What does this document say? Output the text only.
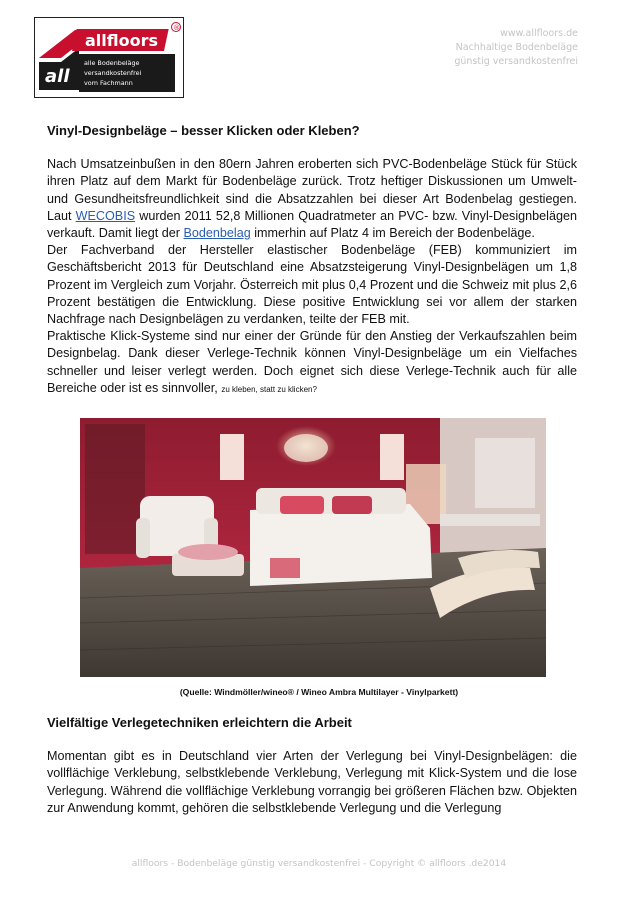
all
allfloors
®
alle Bodenbeläge
versandkostenfrei
vom Fachmann
www.allfloors.de
Nachhaltige Bodenbeläge
günstig versandkostenfrei
Vinyl-Designbeläge – besser Klicken oder Kleben?

Nach Umsatzeinbußen in den 80ern Jahren eroberten sich PVC-Bodenbeläge Stück für Stück ihren Platz auf dem Markt für Bodenbeläge zurück. Trotz heftiger Diskussionen um Umwelt- und Gesundheitsfreundlichkeit sind die Absatzzahlen bei dieser Art Bodenbelag gestiegen. Laut WECOBIS wurden 2011 52,8 Millionen Quadratmeter an PVC- bzw. Vinyl-Designbelägen verkauft. Damit liegt der Bodenbelag immerhin auf Platz 4 im Bereich der Bodenbeläge.

Der Fachverband der Hersteller elastischer Bodenbeläge (FEB) kommuniziert im Geschäftsbericht 2013 für Deutschland eine Absatzsteigerung Vinyl-Designbelägen um 1,8 Prozent im Vergleich zum Vorjahr. Österreich mit plus 0,4 Prozent und die Schweiz mit plus 2,6 Prozent bestätigen die Entwicklung. Diese positive Entwicklung sei vor allem der starken Nachfrage nach Designbelägen zu verdanken, teilte der FEB mit.

Praktische Klick-Systeme sind nur einer der Gründe für den Anstieg der Verkaufszahlen beim Designbelag. Dank dieser Verlege-Technik können Vinyl-Designbeläge um ein Vielfaches schneller und leiser verlegt werden. Doch eignet sich diese Verlege-Technik auch für alle Bereiche oder ist es sinnvoller, zu kleben, statt zu klicken?

(Quelle: Windmöller/wineo® / Wineo Ambra Multilayer - Vinylparkett)
Vielfältige Verlegetechniken erleichtern die Arbeit

Momentan gibt es in Deutschland vier Arten der Verlegung bei Vinyl-Designbelägen: die vollflächige Verklebung, selbstklebende Verklebung, Verlegung mit Klick-System und die lose Verlegung. Während die vollflächige Verklebung vorrangig bei größeren Flächen bzw. Objekten zur Anwendung kommt, gehören die selbstklebende Verlegung und die Verlegung

allfloors - Bodenbeläge günstig versandkostenfrei - Copyright © allfloors .de2014
